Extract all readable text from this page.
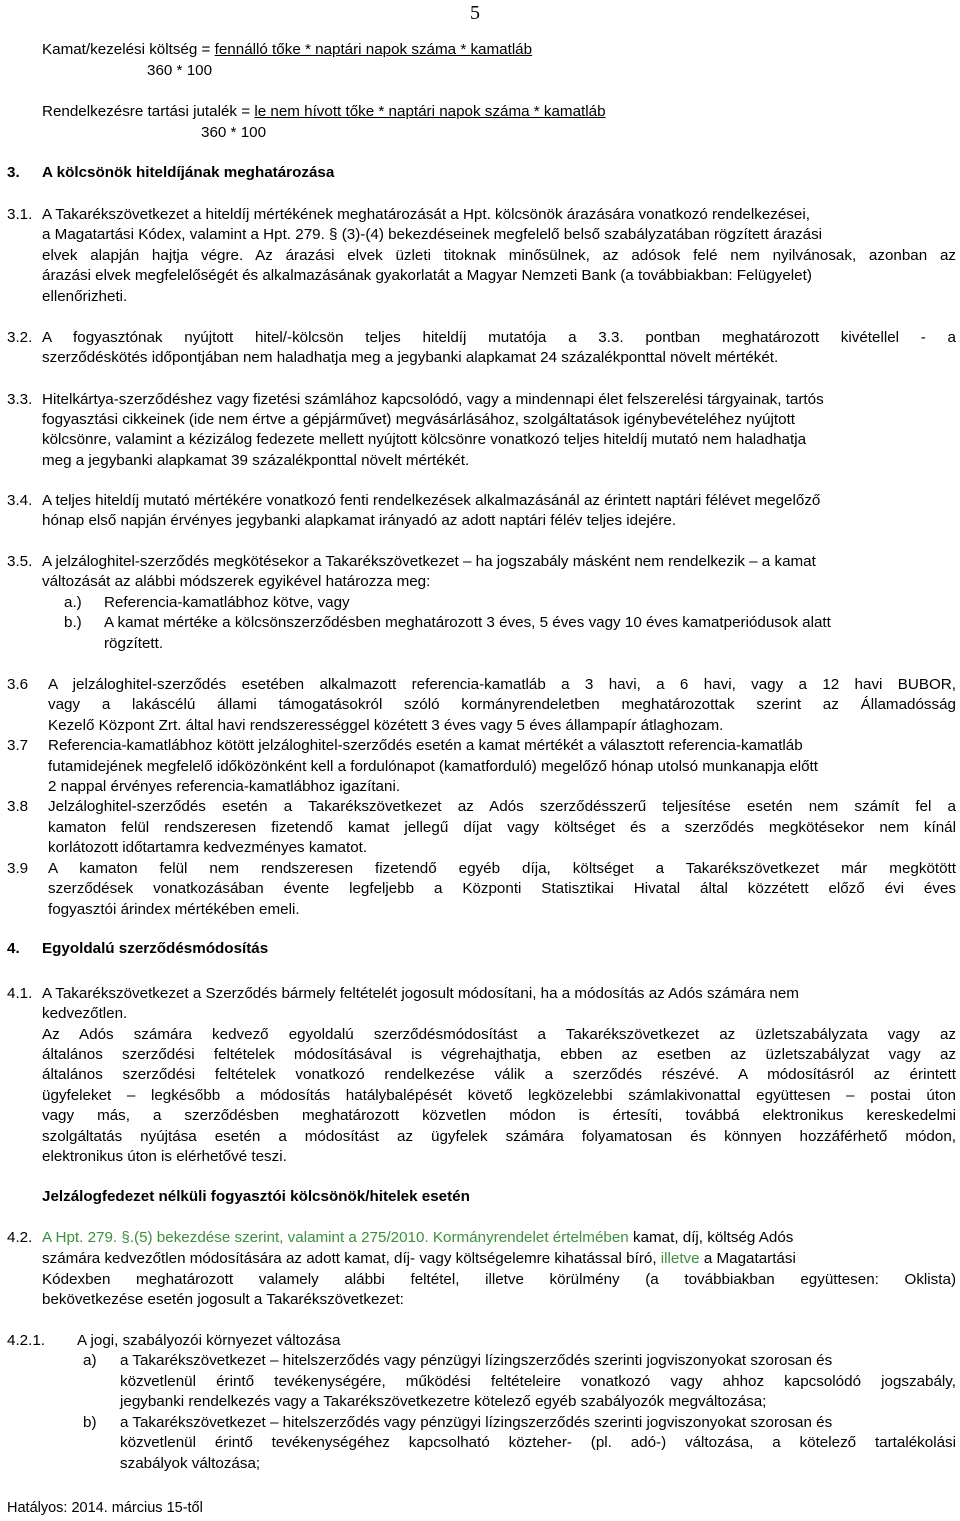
5
Kamat/kezelési költség = fennálló tőke * naptári napok száma * kamatláb
360 * 100
Rendelkezésre tartási jutalék = le nem hívott tőke * naptári napok száma * kamatláb
360 * 100
3. A kölcsönök hiteldíjának meghatározása
3.1. A Takarékszövetkezet a hiteldíj mértékének meghatározását a Hpt. kölcsönök árazására vonatkozó rendelkezései,
a Magatartási Kódex, valamint a Hpt. 279. § (3)-(4) bekezdéseinek megfelelő belső szabályzatában rögzített árazási
elvek alapján hajtja végre. Az árazási elvek üzleti titoknak minősülnek, az adósok felé nem nyilvánosak, azonban az
árazási elvek megfelelőségét és alkalmazásának gyakorlatát a Magyar Nemzeti Bank (a továbbiakban: Felügyelet)
ellenőrizheti.
3.2. A fogyasztónak nyújtott hitel/-kölcsön teljes hiteldíj mutatója a 3.3. pontban meghatározott kivétellel - a
szerződéskötés időpontjában nem haladhatja meg a jegybanki alapkamat 24 százalékponttal növelt mértékét.
3.3. Hitelkártya-szerződéshez vagy fizetési számlához kapcsolódó, vagy a mindennapi élet felszerelési tárgyainak, tartós
fogyasztási cikkeinek (ide nem értve a gépjárművet) megvásárlásához, szolgáltatások igénybevételéhez nyújtott
kölcsönre, valamint a kézizálog fedezete mellett nyújtott kölcsönre vonatkozó teljes hiteldíj mutató nem haladhatja
meg a jegybanki alapkamat 39 százalékponttal növelt mértékét.
3.4. A teljes hiteldíj mutató mértékére vonatkozó fenti rendelkezések alkalmazásánál az érintett naptári félévet megelőző
hónap első napján érvényes jegybanki alapkamat irányadó az adott naptári félév teljes idejére.
3.5. A jelzáloghitel-szerződés megkötésekor a Takarékszövetkezet – ha jogszabály másként nem rendelkezik – a kamat
változását az alábbi módszerek egyikével határozza meg:
a.) Referencia-kamatlábhoz kötve, vagy
b.) A kamat mértéke a kölcsönszerződésben meghatározott 3 éves, 5 éves vagy 10 éves kamatperiódusok alatt
rögzített.
3.6 A jelzáloghitel-szerződés esetében alkalmazott referencia-kamatláb a 3 havi, a 6 havi, vagy a 12 havi BUBOR,
vagy a lakáscélú állami támogatásokról szóló kormányrendeletben meghatározottak szerint az Államadósság
Kezelő Központ Zrt. által havi rendszerességgel közétett 3 éves vagy 5 éves állampapír átlaghozam.
3.7 Referencia-kamatlábhoz kötött jelzáloghitel-szerződés esetén a kamat mértékét a választott referencia-kamatláb
futamidejének megfelelő időközönként kell a fordulónapot (kamatforduló) megelőző hónap utolsó munkanapja előtt
2 nappal érvényes referencia-kamatlábhoz igazítani.
3.8 Jelzáloghitel-szerződés esetén a Takarékszövetkezet az Adós szerződésszerű teljesítése esetén nem számít fel a
kamaton felül rendszeresen fizetendő kamat jellegű díjat vagy költséget és a szerződés megkötésekor nem kínál
korlátozott időtartamra kedvezményes kamatot.
3.9 A kamaton felül nem rendszeresen fizetendő egyéb díja, költséget a Takarékszövetkezet már megkötött
szerződések vonatkozásában évente legfeljebb a Központi Statisztikai Hivatal által közzétett előző évi éves
fogyasztói árindex mértékében emeli.
4. Egyoldalú szerződésmódosítás
4.1. A Takarékszövetkezet a Szerződés bármely feltételét jogosult módosítani, ha a módosítás az Adós számára nem
kedvezőtlen.
Az Adós számára kedvező egyoldalú szerződésmódosítást a Takarékszövetkezet az üzletszabályzata vagy az
általános szerződési feltételek módosításával is végrehajthatja, ebben az esetben az üzletszabályzat vagy az
általános szerződési feltételek vonatkozó rendelkezése válik a szerződés részévé. A módosításról az érintett
ügyfeleket – legkésőbb a módosítás hatálybalépését követő legközelebbi számlakivonattal együttesen – postai úton
vagy más, a szerződésben meghatározott közvetlen módon is értesíti, továbbá elektronikus kereskedelmi
szolgáltatás nyújtása esetén a módosítást az ügyfelek számára folyamatosan és könnyen hozzáférhető módon,
elektronikus úton is elérhetővé teszi.
Jelzálogfedezet nélküli fogyasztói kölcsönök/hitelek esetén
4.2. A Hpt. 279. §.(5) bekezdése szerint, valamint a 275/2010. Kormányrendelet értelmében kamat, díj, költség Adós
számára kedvezőtlen módosítására az adott kamat, díj- vagy költségelemre kihatással bíró, illetve a Magatartási
Kódexben meghatározott valamely alábbi feltétel, illetve körülmény (a továbbiakban együttesen: Oklista)
bekövetkezése esetén jogosult a Takarékszövetkezet:
4.2.1. A jogi, szabályozói környezet változása
a) a Takarékszövetkezet – hitelszerződés vagy pénzügyi lízingszerződés szerinti jogviszonyokat szorosan és
közvetlenül érintő tevékenységére, működési feltételeire vonatkozó vagy ahhoz kapcsolódó jogszabály,
jegybanki rendelkezés vagy a Takarékszövetkezetre kötelező egyéb szabályozók megváltozása;
b) a Takarékszövetkezet – hitelszerződés vagy pénzügyi lízingszerződés szerinti jogviszonyokat szorosan és
közvetlenül érintő tevékenységéhez kapcsolható közteher- (pl. adó-) változása, a kötelező tartalékolási
szabályok változása;
Hatályos: 2014. március 15-től
